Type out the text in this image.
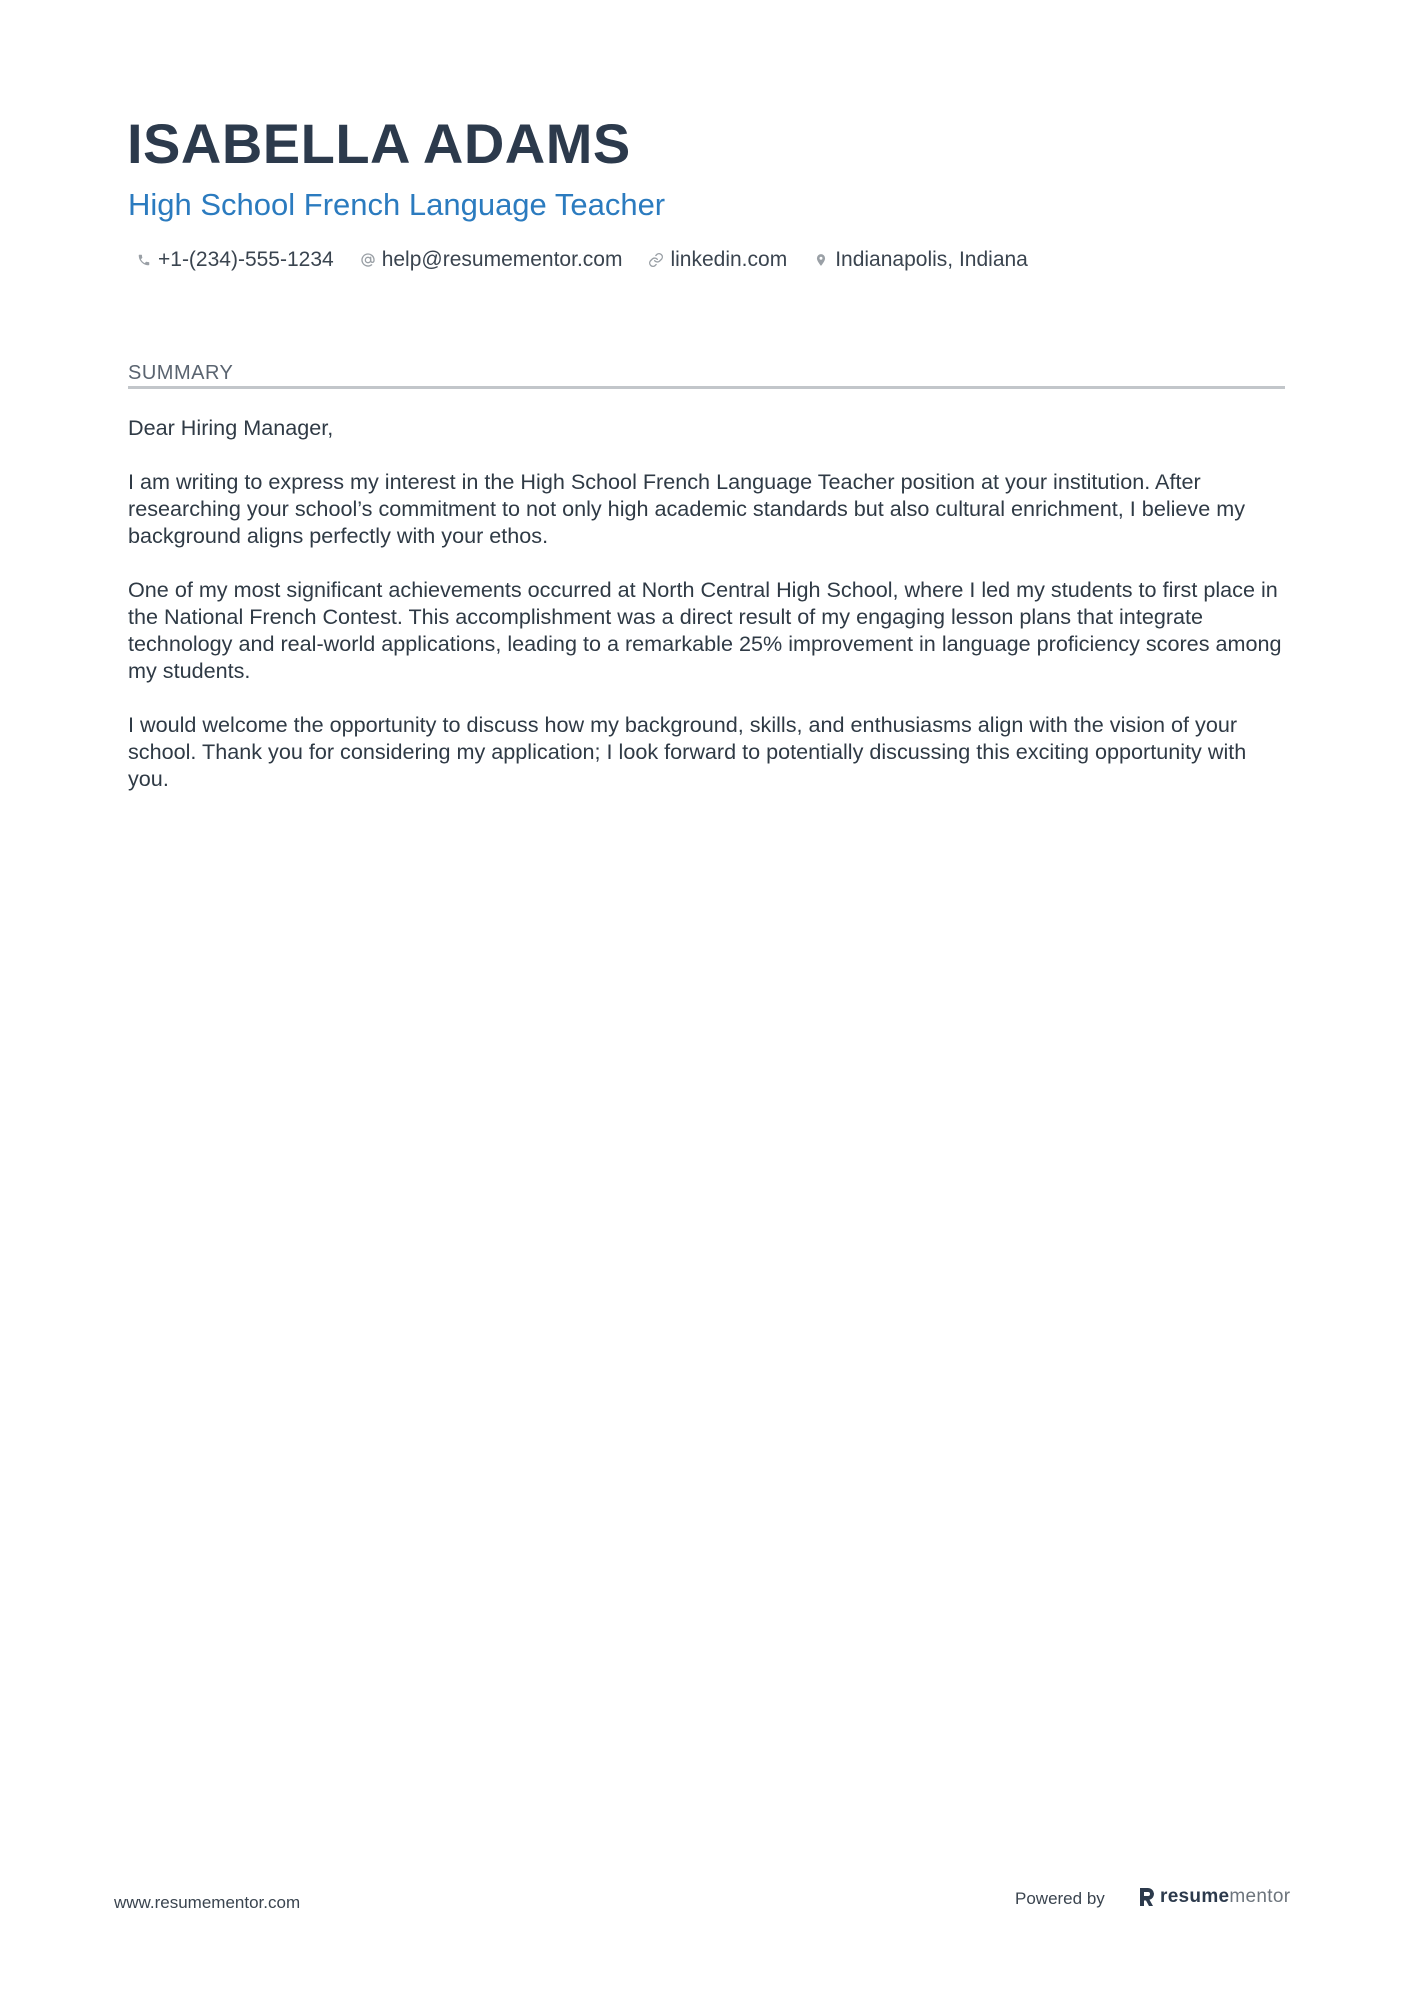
ISABELLA ADAMS
High School French Language Teacher
+1-(234)-555-1234 help@resumementor.com linkedin.com Indianapolis, Indiana
SUMMARY

Dear Hiring Manager,

I am writing to express my interest in the High School French Language Teacher position at your institution. After researching your school’s commitment to not only high academic standards but also cultural enrichment, I believe my background aligns perfectly with your ethos.

One of my most significant achievements occurred at North Central High School, where I led my students to first place in the National French Contest. This accomplishment was a direct result of my engaging lesson plans that integrate technology and real-world applications, leading to a remarkable 25% improvement in language proficiency scores among my students.

I would welcome the opportunity to discuss how my background, skills, and enthusiasms align with the vision of your school. Thank you for considering my application; I look forward to potentially discussing this exciting opportunity with you.

www.resumementor.com	Powered by	resumementor
